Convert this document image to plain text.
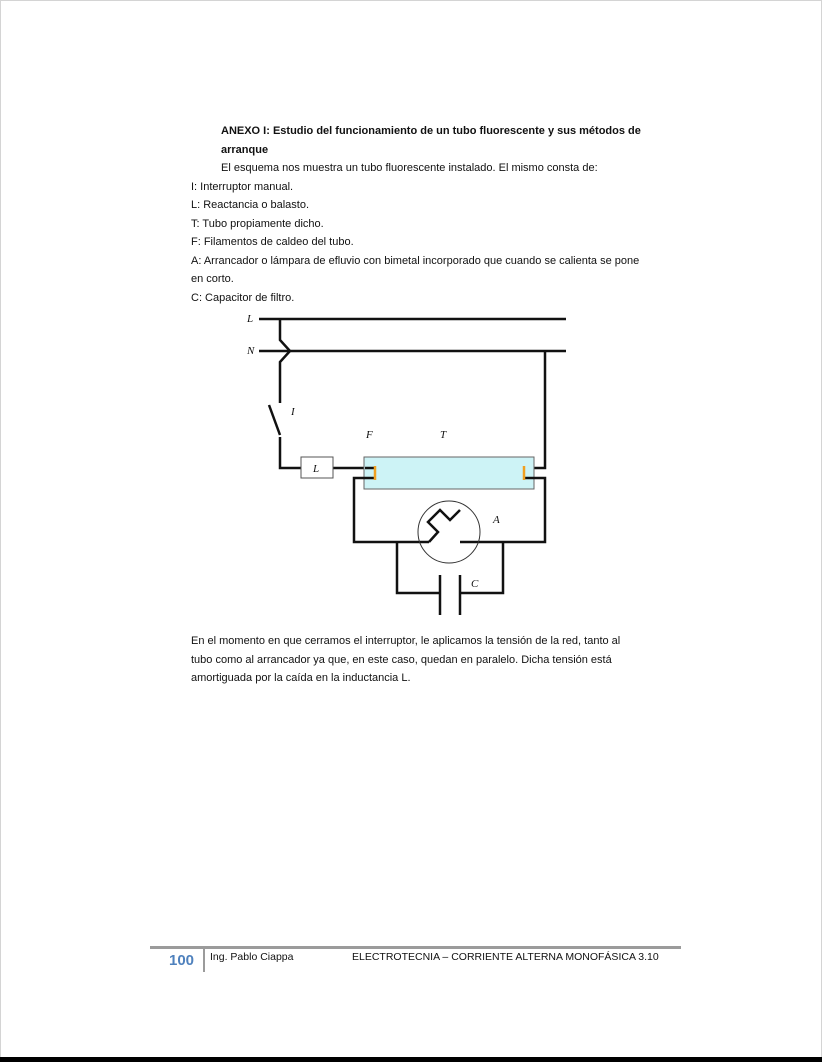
ANEXO I: Estudio del funcionamiento de un tubo fluorescente y sus métodos de
arranque
El esquema nos muestra un tubo fluorescente instalado. El mismo consta de:
I: Interruptor manual.
L: Reactancia o balasto.
T: Tubo propiamente dicho.
F: Filamentos de caldeo del tubo.
A: Arrancador o lámpara de efluvio con bimetal incorporado que cuando se calienta se pone
en corto.
C: Capacitor de filtro.
L
N
I
F	T
L
A
C
En el momento en que cerramos el interruptor, le aplicamos la tensión de la red, tanto al
tubo como al arrancador ya que, en este caso, quedan en paralelo. Dicha tensión está
amortiguada por la caída en la inductancia L.
100 Ing. Pablo Ciappa	ELECTROTECNIA – CORRIENTE ALTERNA MONOFÁSICA 3.10
